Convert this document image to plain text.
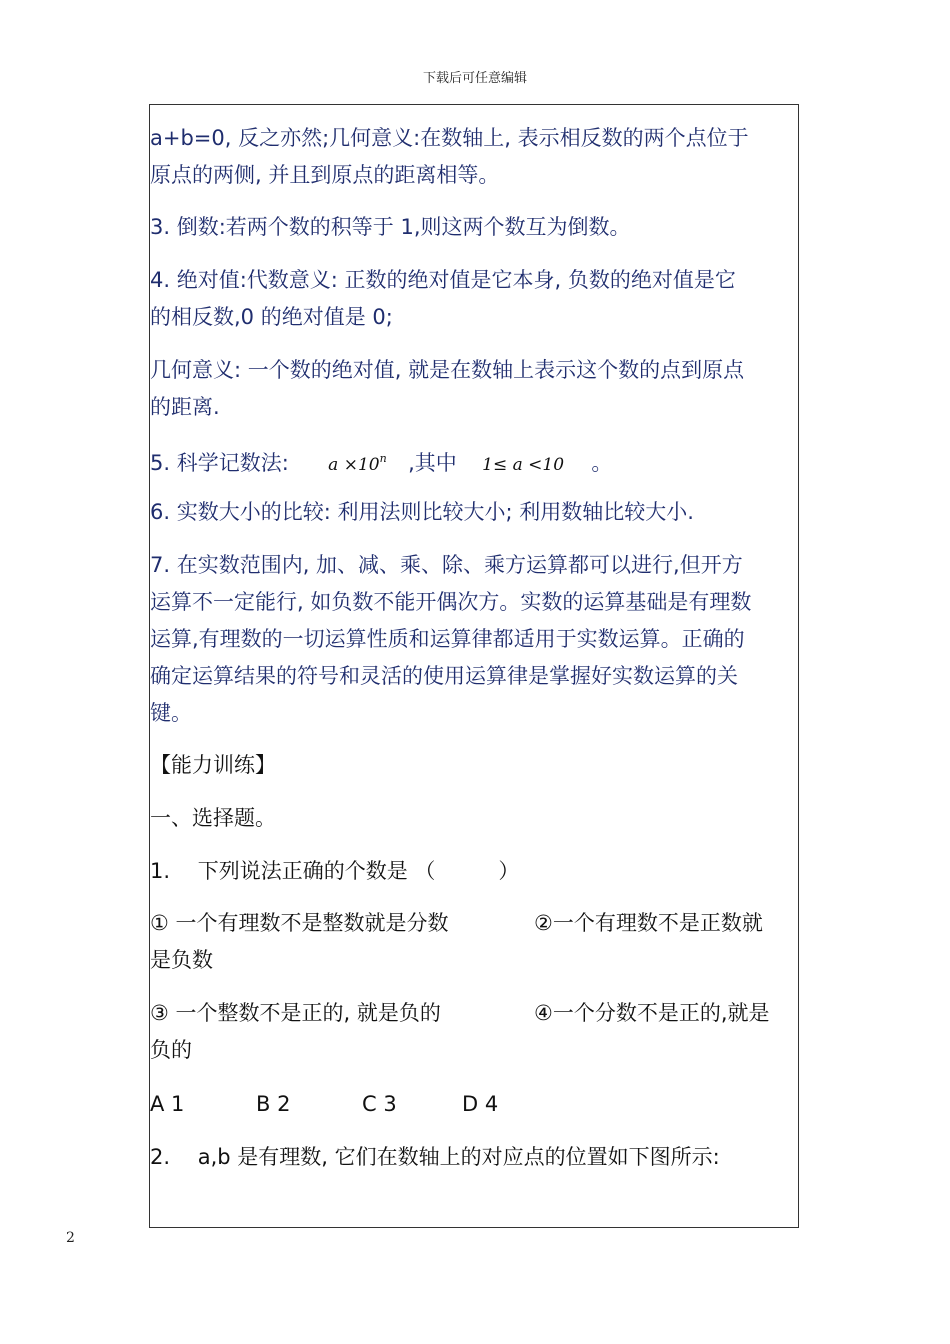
下载后可任意编辑
a+b=0, 反之亦然;几何意义:在数轴上, 表示相反数的两个点位于
原点的两侧, 并且到原点的距离相等。
3. 倒数:若两个数的积等于 1,则这两个数互为倒数。
4. 绝对值:代数意义: 正数的绝对值是它本身, 负数的绝对值是它
的相反数,0 的绝对值是 0;
几何意义: 一个数的绝对值, 就是在数轴上表示这个数的点到原点
的距离.
5. 科学记数法: $a \times 10^n$ ,其中 1≤ a <10 。
6. 实数大小的比较: 利用法则比较大小; 利用数轴比较大小.
7. 在实数范围内, 加、减、乘、除、乘方运算都可以进行,但开方
运算不一定能行, 如负数不能开偶次方。实数的运算基础是有理数
运算,有理数的一切运算性质和运算律都适用于实数运算。正确的
确定运算结果的符号和灵活的使用运算律是掌握好实数运算的关
键。
【能力训练】
一、选择题。
1.　 下列说法正确的个数是 （　　　）
① 一个有理数不是整数就是分数	②一个有理数不是正数就
是负数
③ 一个整数不是正的, 就是负的	④一个分数不是正的,就是
负的
A 1	B 2	C 3	D 4
2.　 a,b 是有理数, 它们在数轴上的对应点的位置如下图所示:
2
